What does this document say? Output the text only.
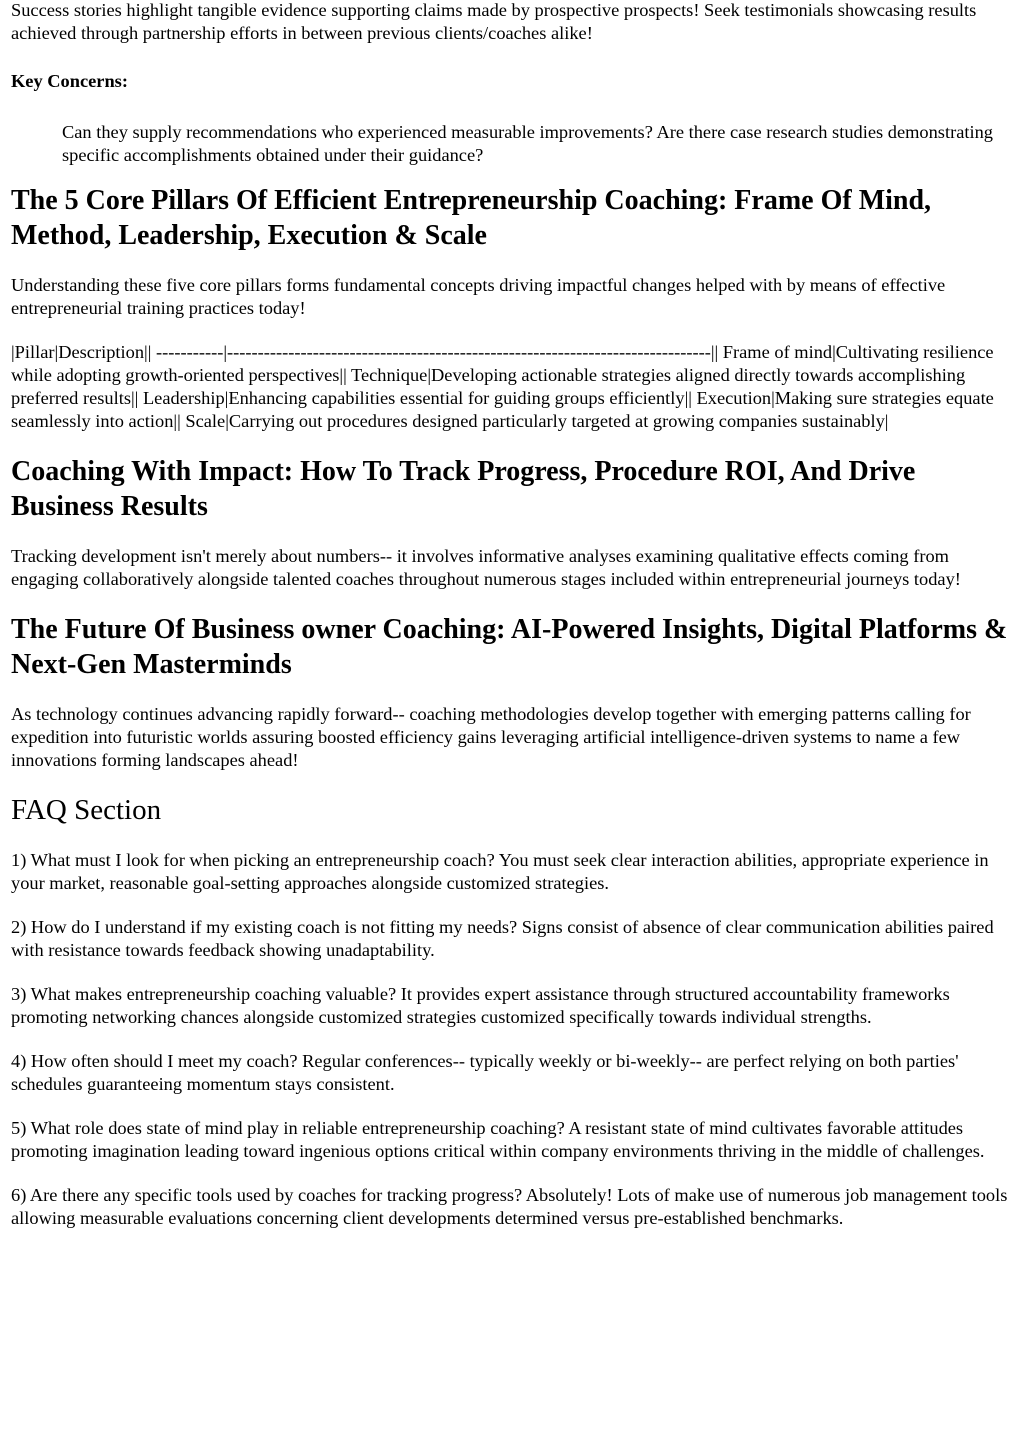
Success stories highlight tangible evidence supporting claims made by prospective prospects! Seek testimonials showcasing results achieved through partnership efforts in between previous clients/coaches alike!

Key Concerns:

Can they supply recommendations who experienced measurable improvements? Are there case research studies demonstrating specific accomplishments obtained under their guidance?
The 5 Core Pillars Of Efficient Entrepreneurship Coaching: Frame Of Mind, Method, Leadership, Execution & Scale

Understanding these five core pillars forms fundamental concepts driving impactful changes helped with by means of effective entrepreneurial training practices today!

|Pillar|Description|| -----------|-------------------------------------------------------------------------------|| Frame of mind|Cultivating resilience while adopting growth-oriented perspectives|| Technique|Developing actionable strategies aligned directly towards accomplishing preferred results|| Leadership|Enhancing capabilities essential for guiding groups efficiently|| Execution|Making sure strategies equate seamlessly into action|| Scale|Carrying out procedures designed particularly targeted at growing companies sustainably|

Coaching With Impact: How To Track Progress, Procedure ROI, And Drive Business Results

Tracking development isn't merely about numbers-- it involves informative analyses examining qualitative effects coming from engaging collaboratively alongside talented coaches throughout numerous stages included within entrepreneurial journeys today!

The Future Of Business owner Coaching: AI-Powered Insights, Digital Platforms & Next-Gen Masterminds

As technology continues advancing rapidly forward-- coaching methodologies develop together with emerging patterns calling for expedition into futuristic worlds assuring boosted efficiency gains leveraging artificial intelligence-driven systems to name a few innovations forming landscapes ahead!

FAQ Section

1) What must I look for when picking an entrepreneurship coach? You must seek clear interaction abilities, appropriate experience in your market, reasonable goal-setting approaches alongside customized strategies.

2) How do I understand if my existing coach is not fitting my needs? Signs consist of absence of clear communication abilities paired with resistance towards feedback showing unadaptability.

3) What makes entrepreneurship coaching valuable? It provides expert assistance through structured accountability frameworks promoting networking chances alongside customized strategies customized specifically towards individual strengths.

4) How often should I meet my coach? Regular conferences-- typically weekly or bi-weekly-- are perfect relying on both parties' schedules guaranteeing momentum stays consistent.

5) What role does state of mind play in reliable entrepreneurship coaching? A resistant state of mind cultivates favorable attitudes promoting imagination leading toward ingenious options critical within company environments thriving in the middle of challenges.

6) Are there any specific tools used by coaches for tracking progress? Absolutely! Lots of make use of numerous job management tools allowing measurable evaluations concerning client developments determined versus pre-established benchmarks.
